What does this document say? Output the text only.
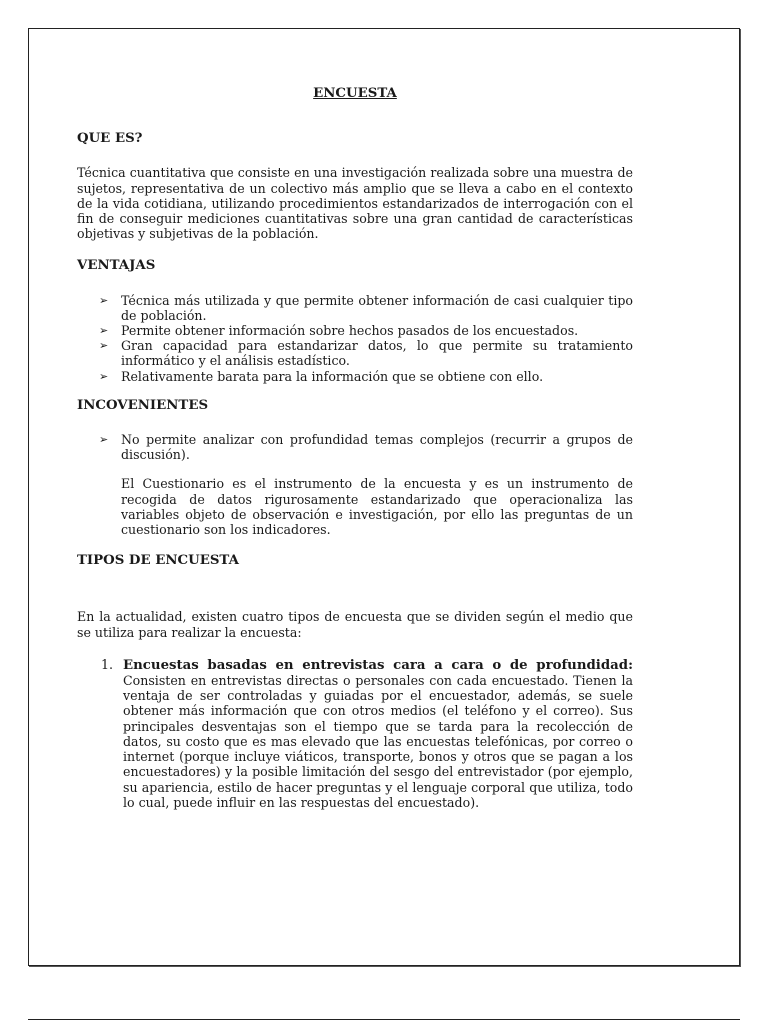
ENCUESTA
QUE ES?

Técnica cuantitativa que consiste en una investigación realizada sobre una muestra de sujetos, representativa de un colectivo más amplio que se lleva a cabo en el contexto de la vida cotidiana, utilizando procedimientos estandarizados de interrogación con el fin de conseguir mediciones cuantitativas sobre una gran cantidad de características objetivas y subjetivas de la población.

VENTAJAS
➢ Técnica más utilizada y que permite obtener información de casi cualquier tipo de población.
➢ Permite obtener información sobre hechos pasados de los encuestados.
➢ Gran capacidad para estandarizar datos, lo que permite su tratamiento informático y el análisis estadístico.
➢ Relativamente barata para la información que se obtiene con ello.
INCOVENIENTES
➢ No permite analizar con profundidad temas complejos (recurrir a grupos de discusión).

El Cuestionario es el instrumento de la encuesta y es un instrumento de recogida de datos rigurosamente estandarizado que operacionaliza las variables objeto de observación e investigación, por ello las preguntas de un cuestionario son los indicadores.

TIPOS DE ENCUESTA

En la actualidad, existen cuatro tipos de encuesta que se dividen según el medio que se utiliza para realizar la encuesta:

1. Encuestas basadas en entrevistas cara a cara o de profundidad: Consisten en entrevistas directas o personales con cada encuestado. Tienen la ventaja de ser controladas y guiadas por el encuestador, además, se suele obtener más información que con otros medios (el teléfono y el correo). Sus principales desventajas son el tiempo que se tarda para la recolección de datos, su costo que es mas elevado que las encuestas telefónicas, por correo o internet (porque incluye viáticos, transporte, bonos y otros que se pagan a los encuestadores) y la posible limitación del sesgo del entrevistador (por ejemplo, su apariencia, estilo de hacer preguntas y el lenguaje corporal que utiliza, todo lo cual, puede influir en las respuestas del encuestado).
